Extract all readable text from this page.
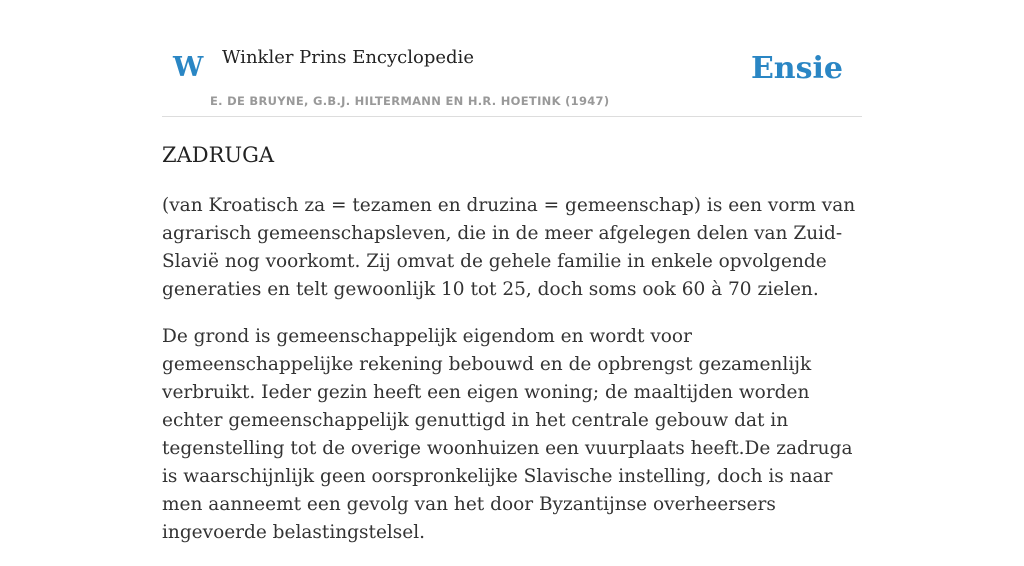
W Winkler Prins Encyclopedie
E. DE BRUYNE, G.B.J. HILTERMANN EN H.R. HOETINK (1947)
Ensie
ZADRUGA

(van Kroatisch za = tezamen en druzina = gemeenschap) is een vorm van agrarisch gemeenschapsleven, die in de meer afgelegen delen van Zuid-Slavië nog voorkomt. Zij omvat de gehele familie in enkele opvolgende generaties en telt gewoonlijk 10 tot 25, doch soms ook 60 à 70 zielen.

De grond is gemeenschappelijk eigendom en wordt voor gemeenschappelijke rekening bebouwd en de opbrengst gezamenlijk verbruikt. Ieder gezin heeft een eigen woning; de maaltijden worden echter gemeenschappelijk genuttigd in het centrale gebouw dat in tegenstelling tot de overige woonhuizen een vuurplaats heeft.De zadruga is waarschijnlijk geen oorspronkelijke Slavische instelling, doch is naar men aanneemt een gevolg van het door Byzantijnse overheersers ingevoerde belastingstelsel.
